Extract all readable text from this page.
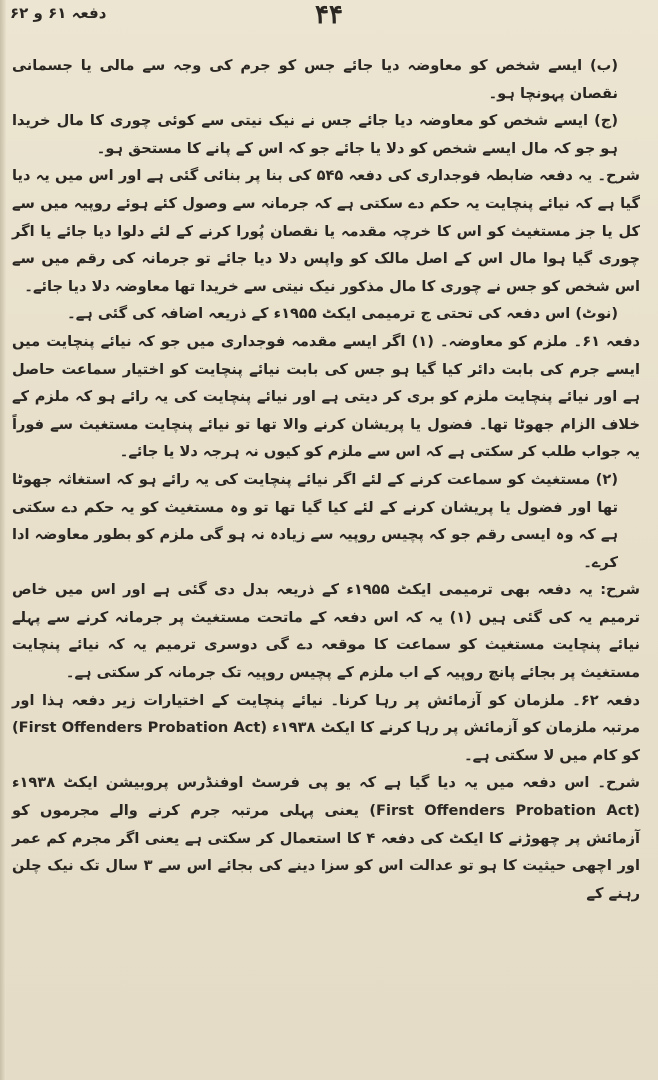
دفعہ ۶۱ و ۶۲	۴۴

(ب) ایسے شخص کو معاوضہ دیا جائے جس کو جرم کی وجہ سے مالی یا جسمانی نقصان پہونچا ہو۔

(ج) ایسے شخص کو معاوضہ دیا جائے جس نے نیک نیتی سے کوئی چوری کا مال خریدا ہو جو کہ مال ایسے شخص کو دلا یا جائے جو کہ اس کے پانے کا مستحق ہو۔

شرح۔ یہ دفعہ ضابطہ فوجداری کی دفعہ ۵۴۵ کی بنا پر بنائی گئی ہے اور اس میں یہ دیا گیا ہے کہ نیائے پنچایت یہ حکم دے سکتی ہے کہ جرمانہ سے وصول کئے ہوئے روپیہ میں سے کل یا جز مستغیث کو اس کا خرچہ مقدمہ یا نقصان پُورا کرنے کے لئے دلوا دیا جائے یا اگر چوری گیا ہوا مال اس کے اصل مالک کو واپس دلا دیا جائے تو جرمانہ کی رقم میں سے اس شخص کو جس نے چوری کا مال مذکور نیک نیتی سے خریدا تھا معاوضہ دلا دیا جائے۔

(نوٹ) اس دفعہ کی تحتی ج ترمیمی ایکٹ ۱۹۵۵ء کے ذریعہ اضافہ کی گئی ہے۔

دفعہ ۶۱۔ ملزم کو معاوضہ۔ (۱) اگر ایسے مقدمہ فوجداری میں جو کہ نیائے پنچایت میں ایسے جرم کی بابت دائر کیا گیا ہو جس کی بابت نیائے پنچایت کو اختیار سماعت حاصل ہے اور نیائے پنچایت ملزم کو بری کر دیتی ہے اور نیائے پنچایت کی یہ رائے ہو کہ ملزم کے خلاف الزام جھوٹا تھا۔ فضول یا پریشان کرنے والا تھا تو نیائے پنچایت مستغیث سے فوراً یہ جواب طلب کر سکتی ہے کہ اس سے ملزم کو کیوں نہ ہرجہ دلا یا جائے۔

(۲) مستغیث کو سماعت کرنے کے لئے اگر نیائے پنچایت کی یہ رائے ہو کہ استغاثہ جھوٹا تھا اور فضول یا پریشان کرنے کے لئے کیا گیا تھا تو وہ مستغیث کو یہ حکم دے سکتی ہے کہ وہ ایسی رقم جو کہ پچیس روپیہ سے زیادہ نہ ہو گی ملزم کو بطور معاوضہ ادا کرے۔

شرح: یہ دفعہ بھی ترمیمی ایکٹ ۱۹۵۵ء کے ذریعہ بدل دی گئی ہے اور اس میں خاص ترمیم یہ کی گئی ہیں (۱) یہ کہ اس دفعہ کے ماتحت مستغیث پر جرمانہ کرنے سے پہلے نیائے پنچایت مستغیث کو سماعت کا موقعہ دے گی دوسری ترمیم یہ کہ نیائے پنچایت مستغیث پر بجائے پانچ روپیہ کے اب ملزم کے پچیس روپیہ تک جرمانہ کر سکتی ہے۔

دفعہ ۶۲۔ ملزمان کو آزمائش پر رہا کرنا۔ نیائے پنچایت کے اختیارات زیر دفعہ ہذا اور مرتبہ ملزمان کو آزمائش پر رہا کرنے کا ایکٹ ۱۹۳۸ء (First Offenders Probation Act) کو کام میں لا سکتی ہے۔

شرح۔ اس دفعہ میں یہ دیا گیا ہے کہ یو پی فرسٹ اوفنڈرس پروبیشن ایکٹ ۱۹۳۸ء (First Offenders Probation Act) یعنی پہلی مرتبہ جرم کرنے والے مجرموں کو آزمائش پر چھوڑنے کا ایکٹ کی دفعہ ۴ کا استعمال کر سکتی ہے یعنی اگر مجرم کم عمر اور اچھی حیثیت کا ہو تو عدالت اس کو سزا دینے کی بجائے اس سے ۳ سال تک نیک چلن رہنے کے
